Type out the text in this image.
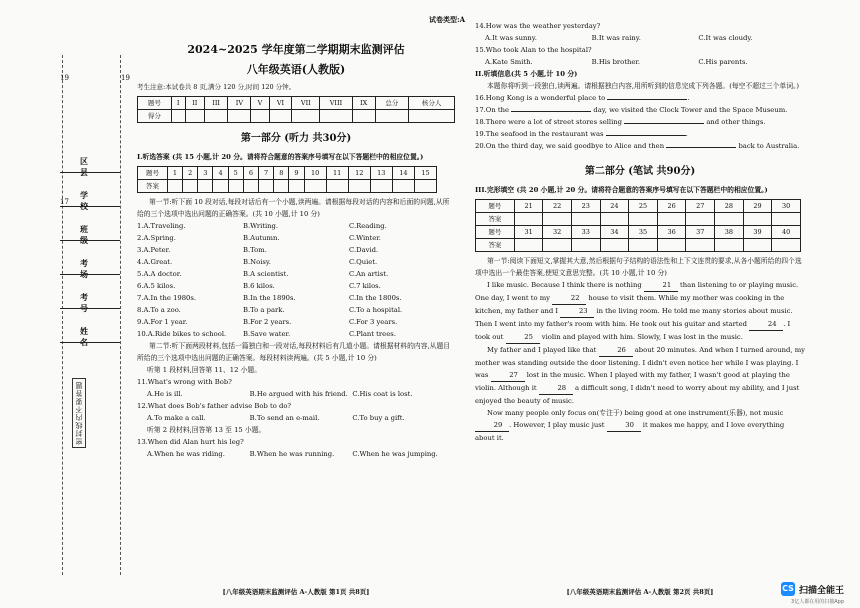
19	19
17
区 县
学 校
班 级
考 场
考 号
姓 名
密封线内不要答题
试卷类型:A
2024~2025 学年度第二学期期末监测评估
八年级英语(人教版)
考生注意:本试卷共 8 页,满分 120 分,时间 120 分钟。
题号	I	II	III	IV	V	VI	VII	VIII	IX	总分	核分人
得分											
第一部分 (听力 共30分)
I.听选答案 (共 15 小题,计 20 分。请将符合题意的答案序号填写在以下答题栏中的相应位置。)
题号	1	2	3	4	5	6	7	8	9	10	11	12	13	14	15
答案															
第一节:听下面 10 段对话,每段对话后有一个小题,读两遍。请根据每段对话的内容和后面的问题,从所给的三个选项中选出问题的正确答案。(共 10 小题,计 10 分)
1.A.Traveling.	B.Writing.	C.Reading.
2.A.Spring.	B.Autumn.	C.Winter.
3.A.Peter.	B.Tom.	C.David.
4.A.Great.	B.Noisy.	C.Quiet.
5.A.A doctor.	B.A scientist.	C.An artist.
6.A.5 kilos.	B.6 kilos.	C.7 kilos.
7.A.In the 1980s.	B.In the 1890s.	C.In the 1800s.
8.A.To a zoo.	B.To a park.	C.To a hospital.
9.A.For 1 year.	B.For 2 years.	C.For 3 years.
10.A.Ride bikes to school.	B.Save water.	C.Plant trees.
第二节:听下面两段材料,包括一篇独白和一段对话,每段材料后有几道小题。请根据材料的内容,从题目所给的三个选项中选出问题的正确答案。每段材料读两遍。(共 5 小题,计 10 分)
听第 1 段材料,回答第 11、12 小题。
11.What's wrong with Bob?
A.He is ill.	B.He argued with his friend. C.His coat is lost.
12.What does Bob's father advise Bob to do?
A.To make a call.	B.To send an e-mail.	C.To buy a gift.
听第 2 段材料,回答第 13 至 15 小题。
13.When did Alan hurt his leg?
A.When he was riding.	B.When he was running.	C.When he was jumping.
[八年级英语期末监测评估 A-人教版 第1页 共8页]
14.How was the weather yesterday?
A.It was sunny.	B.It was rainy.	C.It was cloudy.
15.Who took Alan to the hospital?
A.Kate Smith.	B.His brother.	C.His parents.
II.听填信息(共 5 小题,计 10 分)
本题你将听到一段独白,读两遍。请根据独白内容,用所听到的信息完成下列各题。(每空不超过三个单词。)
16.Hong Kong is a wonderful place to	.
17.On the	day, we visited the Clock Tower and the Space Museum.
18.There were a lot of street stores selling	and other things.
19.The seafood in the restaurant was	.
20.On the third day, we said goodbye to Alice and then	back to Australia.
第二部分 (笔试 共90分)
III.完形填空 (共 20 小题,计 20 分。请将符合题意的答案序号填写在以下答题栏中的相应位置。)
题号	21	22	23	24	25	26	27	28	29	30
答案										
题号	31	32	33	34	35	36	37	38	39	40
答案										
第一节:阅读下面短文,掌握其大意,然后根据句子结构的语法性和上下文连贯的要求,从各小题所给的四个选项中选出一个最佳答案,使短文意思完整。(共 10 小题,计 10 分)
I like music. Because I think there is nothing	21 than listening to or playing music. One day, I went to my	22 house to visit them. While my mother was cooking in the kitchen, my father and I	23 in the living room. He told me many stories about music. Then I went into my father's room with him. He took out his guitar and started	24 . I took out	25 violin and played with him. Slowly, I was lost in the music.
My father and I played like that	26 about 20 minutes. And when I turned around, my mother was standing outside the door listening. I didn't even notice her while I was playing. I was	27 lost in the music. When I played with my father, I wasn't good at playing the violin. Although it	28 a difficult song, I didn't need to worry about my ability, and I just enjoyed the beauty of music.
Now many people only focus on(专注于) being good at one instrument(乐器), not music 29 . However, I play music just	30 it makes me happy, and I love everything about it.
[八年级英语期末监测评估 A-人教版 第2页 共8页]	CS 扫描全能王
3亿人都在用的扫描App
